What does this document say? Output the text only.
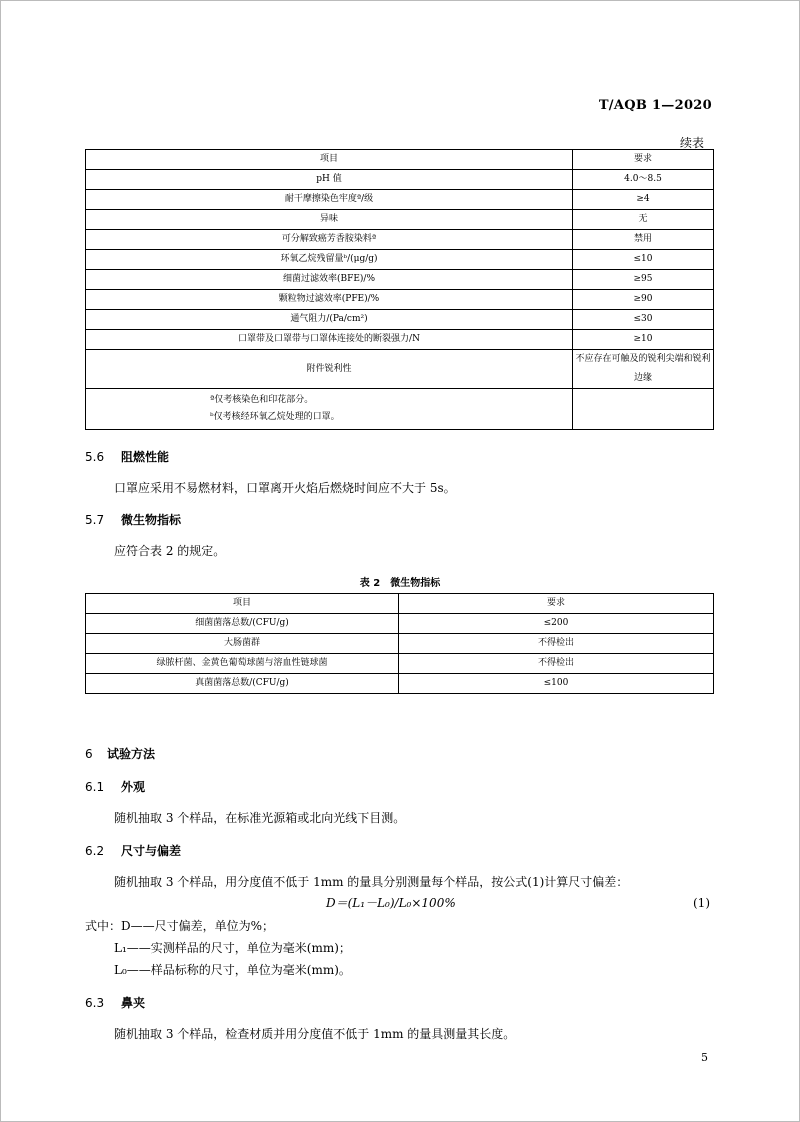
T/AQB 1—2020
续表
项目	要求
pH 值	4.0～8.5
耐干摩擦染色牢度ª/级	≥4
异味	无
可分解致癌芳香胺染料ª	禁用
环氧乙烷残留量ᵇ/(μg/g)	≤10
细菌过滤效率(BFE)/%	≥95
颗粒物过滤效率(PFE)/%	≥90
通气阻力/(Pa/cm²)	≤30
口罩带及口罩带与口罩体连接处的断裂强力/N	≥10
附件锐利性	不应存在可触及的锐利尖端和锐利边缘

ª仅考核染色和印花部分。
ᵇ仅考核经环氧乙烷处理的口罩。	

5.6 阻燃性能
口罩应采用不易燃材料，口罩离开火焰后燃烧时间应不大于 5s。
5.7 微生物指标
应符合表 2 的规定。
表 2　微生物指标
项目	要求
细菌菌落总数/(CFU/g)	≤200
大肠菌群	不得检出
绿脓杆菌、金黄色葡萄球菌与溶血性链球菌	不得检出
真菌菌落总数/(CFU/g)	≤100
6 试验方法
6.1 外观
随机抽取 3 个样品，在标准光源箱或北向光线下目测。
6.2 尺寸与偏差
随机抽取 3 个样品，用分度值不低于 1mm 的量具分别测量每个样品，按公式(1)计算尺寸偏差：
D＝(L₁－L₀)/L₀×100%	(1)
式中：D——尺寸偏差，单位为%；
L₁——实测样品的尺寸，单位为毫米(mm)；
L₀——样品标称的尺寸，单位为毫米(mm)。
6.3 鼻夹
随机抽取 3 个样品，检查材质并用分度值不低于 1mm 的量具测量其长度。
5
